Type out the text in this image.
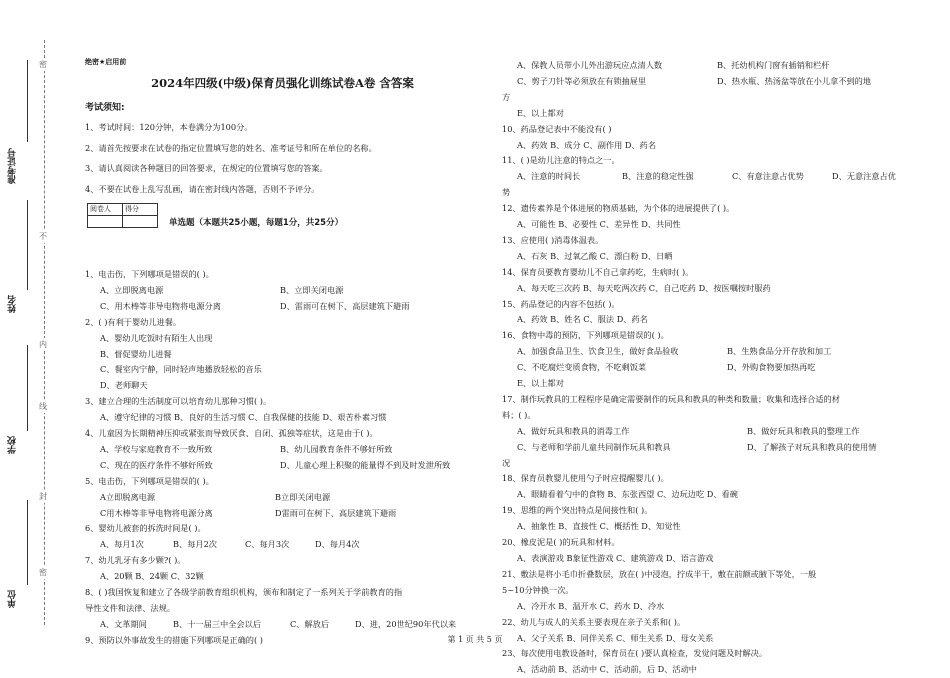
密
不
内
线
封
密
准考证号
姓名
学校
单位
绝密★启用前
2024年四级(中级)保育员强化训练试卷A卷 含答案
考试须知:
1、考试时间：120分钟，本卷满分为100分。
2、请首先按要求在试卷的指定位置填写您的姓名、准考证号和所在单位的名称。
3、请认真阅读各种题目的回答要求，在规定的位置填写您的答案。
4、不要在试卷上乱写乱画，请在密封线内答题，否则不予评分。
阅卷人	得分

单选题（本题共25小题，每题1分，共25分）
1、电击伤，下列哪项是错误的( )。
A、立即脱离电源	B、立即关闭电源
C、用木棒等非导电物将电源分离	D、雷雨可在树下、高层建筑下避雨
2、( )有利于婴幼儿进餐。
A、婴幼儿吃饭时有陌生人出现
B、督促婴幼儿进餐
C、餐室内宁静，同时轻声地播放轻松的音乐
D、老师聊天
3、建立合理的生活制度可以培育幼儿那种习惯( )。
A、遵守纪律的习惯 B、良好的生活习惯 C、自我保健的技能 D、艰苦朴素习惯
4、儿童因为长期精神压抑或紧张而导致厌食、自闭、孤独等症状，这是由于( )。
A、学校与家庭教育不一致所致	B、幼儿园教育条件不够好所致
C、现在的医疗条件不够好所致	D、儿童心理上积聚的能量得不到及时发泄所致
5、电击伤，下列哪项是错误的( )。
A立即脱离电源	B立即关闭电源
C用木棒等非导电物将电源分离	D雷雨可在树下、高层建筑下避雨
6、婴幼儿被套的拆洗时间是( )。
A、每月1次	B、每月2次	C、每月3次	D、每月4次
7、幼儿乳牙有多少颗?( )。
A、20颗 B、24颗 C、32颗
8、( )我国恢复和建立了各级学前教育组织机构，颁布和制定了一系列关于学前教育的指
导性文件和法律、法规。
A、文革期间	B、十一届三中全会以后	C、解放后	D、进，20世纪90年代以来
9、预防以外事故发生的措施下列哪项是正确的( )
A、保教人员带小儿外出游玩应点清人数	B、托幼机构门窗有插销和栏杆
C、剪子刀针等必须放在有锁抽屉里	D、热水瓶、热汤盆等放在小儿拿不到的地
方
E、以上都对
10、药品登记表中不能没有( )
A、药效 B、成分 C、副作用 D、药名
11、( )是幼儿注意的特点之一。
A、注意的时间长	B、注意的稳定性强	C、有意注意占优势	D、无意注意占优
势
12、遗传素养是个体进展的物质基础，为个体的进展提供了( )。
A、可能性 B、必要性 C、差异性 D、共同性
13、应使用( )消毒体温表。
A、石灰 B、过氧乙酸 C、漂白粉 D、日晒
14、保育员要教育婴幼儿不自己拿药吃，生病时( )。
A、每天吃三次药 B、每天吃两次药 C、自己吃药 D、按医嘱按时服药
15、药品登记的内容不包括( )。
A、药效 B、姓名 C、服法 D、药名
16、食物中毒的预防，下列哪项是错误的( )。
A、加强食品卫生、饮食卫生，做好食品验收	B、生熟食品分开存放和加工
C、不吃腐烂变质食物，不吃剩饭菜	D、外购食物要加热再吃
E、以上都对
17、制作玩教具的工程程序是确定需要制作的玩具和教具的种类和数量；收集和选择合适的材
料；( )。
A、做好玩具和教具的消毒工作	B、做好玩具和教具的整理工作
C、与老师和学前儿童共同制作玩具和教具	D、了解孩子对玩具和教具的使用情
况
18、保育员教婴儿使用勺子时应提醒婴儿( )。
A、眼睛看着勺中的食物 B、东张西望 C、边玩边吃 D、看碗
19、思维的两个突出特点是间接性和( )。
A、抽象性 B、直接性 C、概括性 D、知觉性
20、橡皮泥是( )的玩具和材料。
A、表演游戏 B象征性游戏 C、建筑游戏 D、语言游戏
21、敷法是将小毛巾折叠数层，放在( )中浸泡，拧成半干，敷在前额或腋下等处，一般
5~10分钟换一次。
A、冷开水 B、温开水 C、药水 D、冷水
22、幼儿与成人的关系主要表现在亲子关系和( )。
A、父子关系 B、同伴关系 C、师生关系 D、母女关系
23、每次使用电教设备时，保育员在( )要认真检查，发觉问题及时解决。
A、活动前 B、活动中 C、活动前，后 D、活动中
第 1 页 共 5 页
